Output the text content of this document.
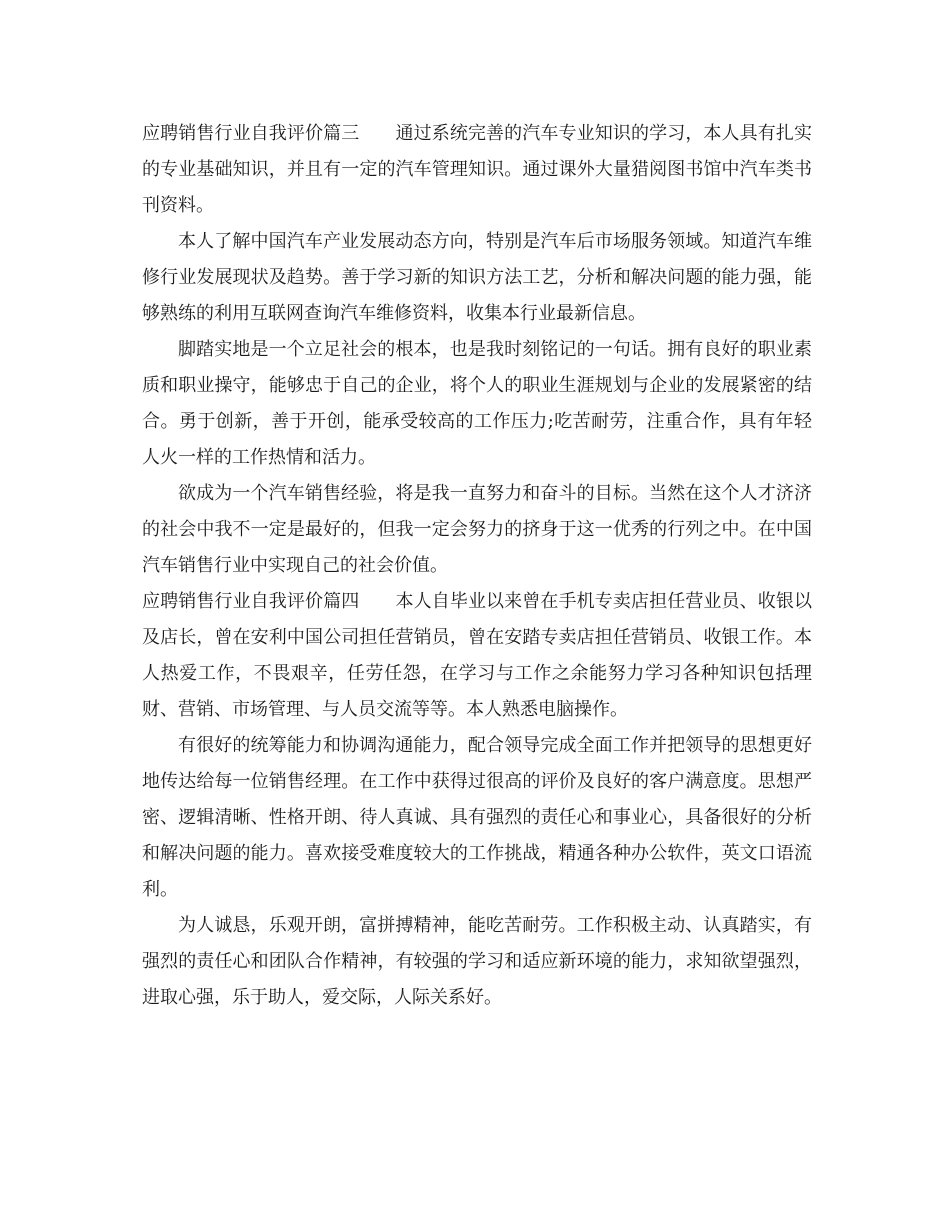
应聘销售行业自我评价篇三 通过系统完善的汽车专业知识的学习，本人具有扎实的专业基础知识，并且有一定的汽车管理知识。通过课外大量猎阅图书馆中汽车类书刊资料。

本人了解中国汽车产业发展动态方向，特别是汽车后市场服务领域。知道汽车维修行业发展现状及趋势。善于学习新的知识方法工艺，分析和解决问题的能力强，能够熟练的利用互联网查询汽车维修资料，收集本行业最新信息。

脚踏实地是一个立足社会的根本，也是我时刻铭记的一句话。拥有良好的职业素质和职业操守，能够忠于自己的企业，将个人的职业生涯规划与企业的发展紧密的结合。勇于创新，善于开创，能承受较高的工作压力;吃苦耐劳，注重合作，具有年轻人火一样的工作热情和活力。

欲成为一个汽车销售经验，将是我一直努力和奋斗的目标。当然在这个人才济济的社会中我不一定是最好的，但我一定会努力的挤身于这一优秀的行列之中。在中国汽车销售行业中实现自己的社会价值。

应聘销售行业自我评价篇四 本人自毕业以来曾在手机专卖店担任营业员、收银以及店长，曾在安利中国公司担任营销员，曾在安踏专卖店担任营销员、收银工作。本人热爱工作，不畏艰辛，任劳任怨，在学习与工作之余能努力学习各种知识包括理财、营销、市场管理、与人员交流等等。本人熟悉电脑操作。

有很好的统筹能力和协调沟通能力，配合领导完成全面工作并把领导的思想更好地传达给每一位销售经理。在工作中获得过很高的评价及良好的客户满意度。思想严密、逻辑清晰、性格开朗、待人真诚、具有强烈的责任心和事业心，具备很好的分析和解决问题的能力。喜欢接受难度较大的工作挑战，精通各种办公软件，英文口语流利。

为人诚恳，乐观开朗，富拼搏精神，能吃苦耐劳。工作积极主动、认真踏实，有强烈的责任心和团队合作精神，有较强的学习和适应新环境的能力，求知欲望强烈，进取心强，乐于助人，爱交际，人际关系好。
